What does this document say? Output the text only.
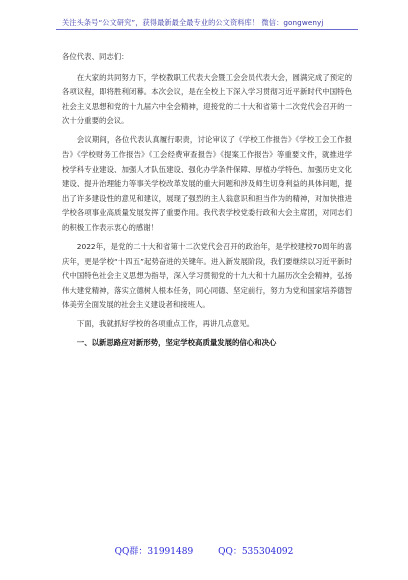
关注头条号“公文研究”，获得最新最全最专业的公文资料库！ 微信：gongwenyj

各位代表、同志们：

在大家的共同努力下，学校教职工代表大会暨工会会员代表大会，圆满完成了预定的各项议程，即将胜利闭幕。本次会议，是在全校上下深入学习贯彻习近平新时代中国特色社会主义思想和党的十九届六中全会精神，迎接党的二十大和省第十二次党代会召开的一次十分重要的会议。

会议期间，各位代表认真履行职责，讨论审议了《学校工作报告》《学校工会工作报告》《学校财务工作报告》《工会经费审查报告》《提案工作报告》等重要文件，就推进学校学科专业建设、加强人才队伍建设、强化办学条件保障、厚植办学特色、加强历史文化建设、提升治理能力等事关学校改革发展的重大问题和涉及师生切身利益的具体问题，提出了许多建设性的意见和建议，展现了强烈的主人翁意识和担当作为的精神，对加快推进学校各项事业高质量发展发挥了重要作用。我代表学校党委行政和大会主席团，对同志们的积极工作表示衷心的感谢！

2022年，是党的二十大和省第十二次党代会召开的政治年，是学校建校70周年的喜庆年，更是学校“十四五”起势奋进的关键年。进入新发展阶段，我们要继续以习近平新时代中国特色社会主义思想为指导，深入学习贯彻党的十九大和十九届历次全会精神，弘扬伟大建党精神，落实立德树人根本任务，同心同德、坚定前行，努力为党和国家培养德智体美劳全面发展的社会主义建设者和接班人。

下面，我就抓好学校的各项重点工作，再讲几点意见。

一、以新思路应对新形势，坚定学校高质量发展的信心和决心

QQ群：31991489	QQ：535304092
